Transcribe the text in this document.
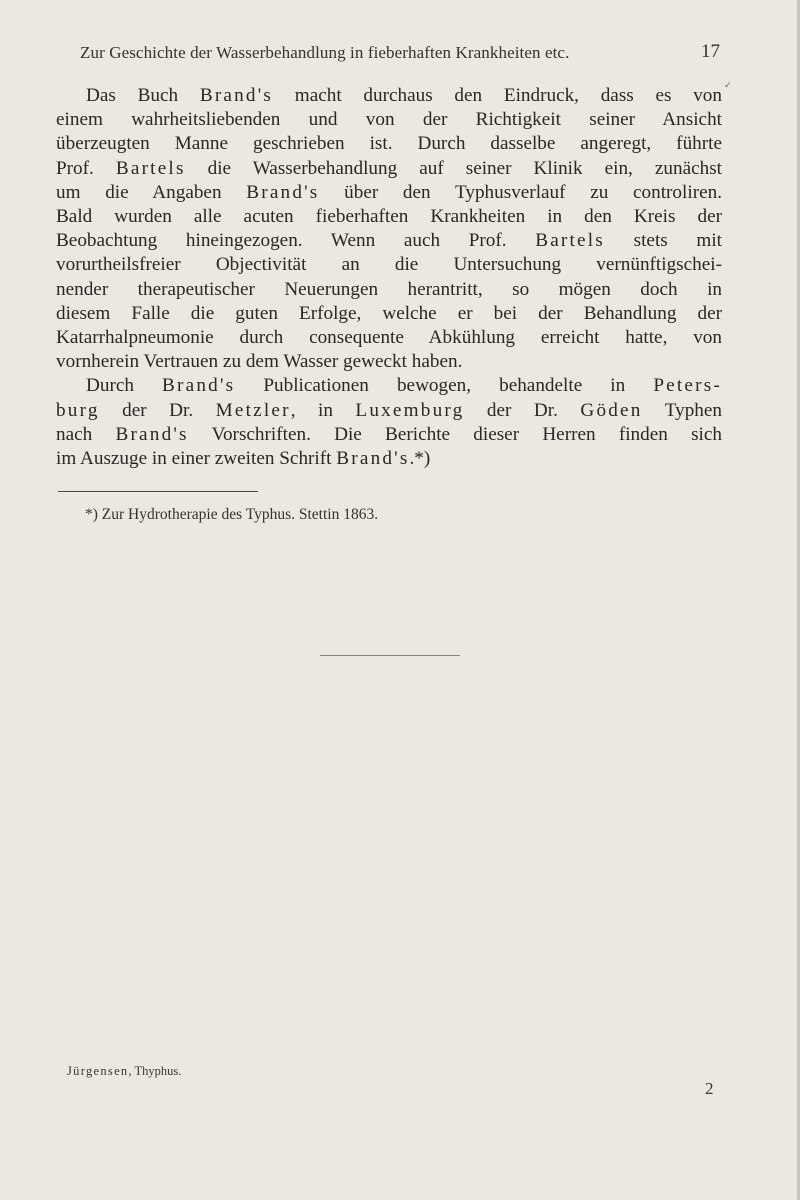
Zur Geschichte der Wasserbehandlung in fieberhaften Krankheiten etc.	17
✓
Das Buch Brand's macht durchaus den Eindruck, dass es von
einem wahrheitsliebenden und von der Richtigkeit seiner Ansicht
überzeugten Manne geschrieben ist. Durch dasselbe angeregt, führte
Prof. Bartels die Wasserbehandlung auf seiner Klinik ein, zunächst
um die Angaben Brand's über den Typhusverlauf zu controliren.
Bald wurden alle acuten fieberhaften Krankheiten in den Kreis der
Beobachtung hineingezogen. Wenn auch Prof. Bartels stets mit
vorurtheilsfreier Objectivität an die Untersuchung vernünftigschei-
nender therapeutischer Neuerungen herantritt, so mögen doch in
diesem Falle die guten Erfolge, welche er bei der Behandlung der
Katarrhalpneumonie durch consequente Abkühlung erreicht hatte, von
vornherein Vertrauen zu dem Wasser geweckt haben.
Durch Brand's Publicationen bewogen, behandelte in Peters-
burg der Dr. Metzler, in Luxemburg der Dr. Göden Typhen
nach Brand's Vorschriften. Die Berichte dieser Herren finden sich
im Auszuge in einer zweiten Schrift Brand's.*)
*) Zur Hydrotherapie des Typhus. Stettin 1863.
Jürgensen, Thyphus.
2
